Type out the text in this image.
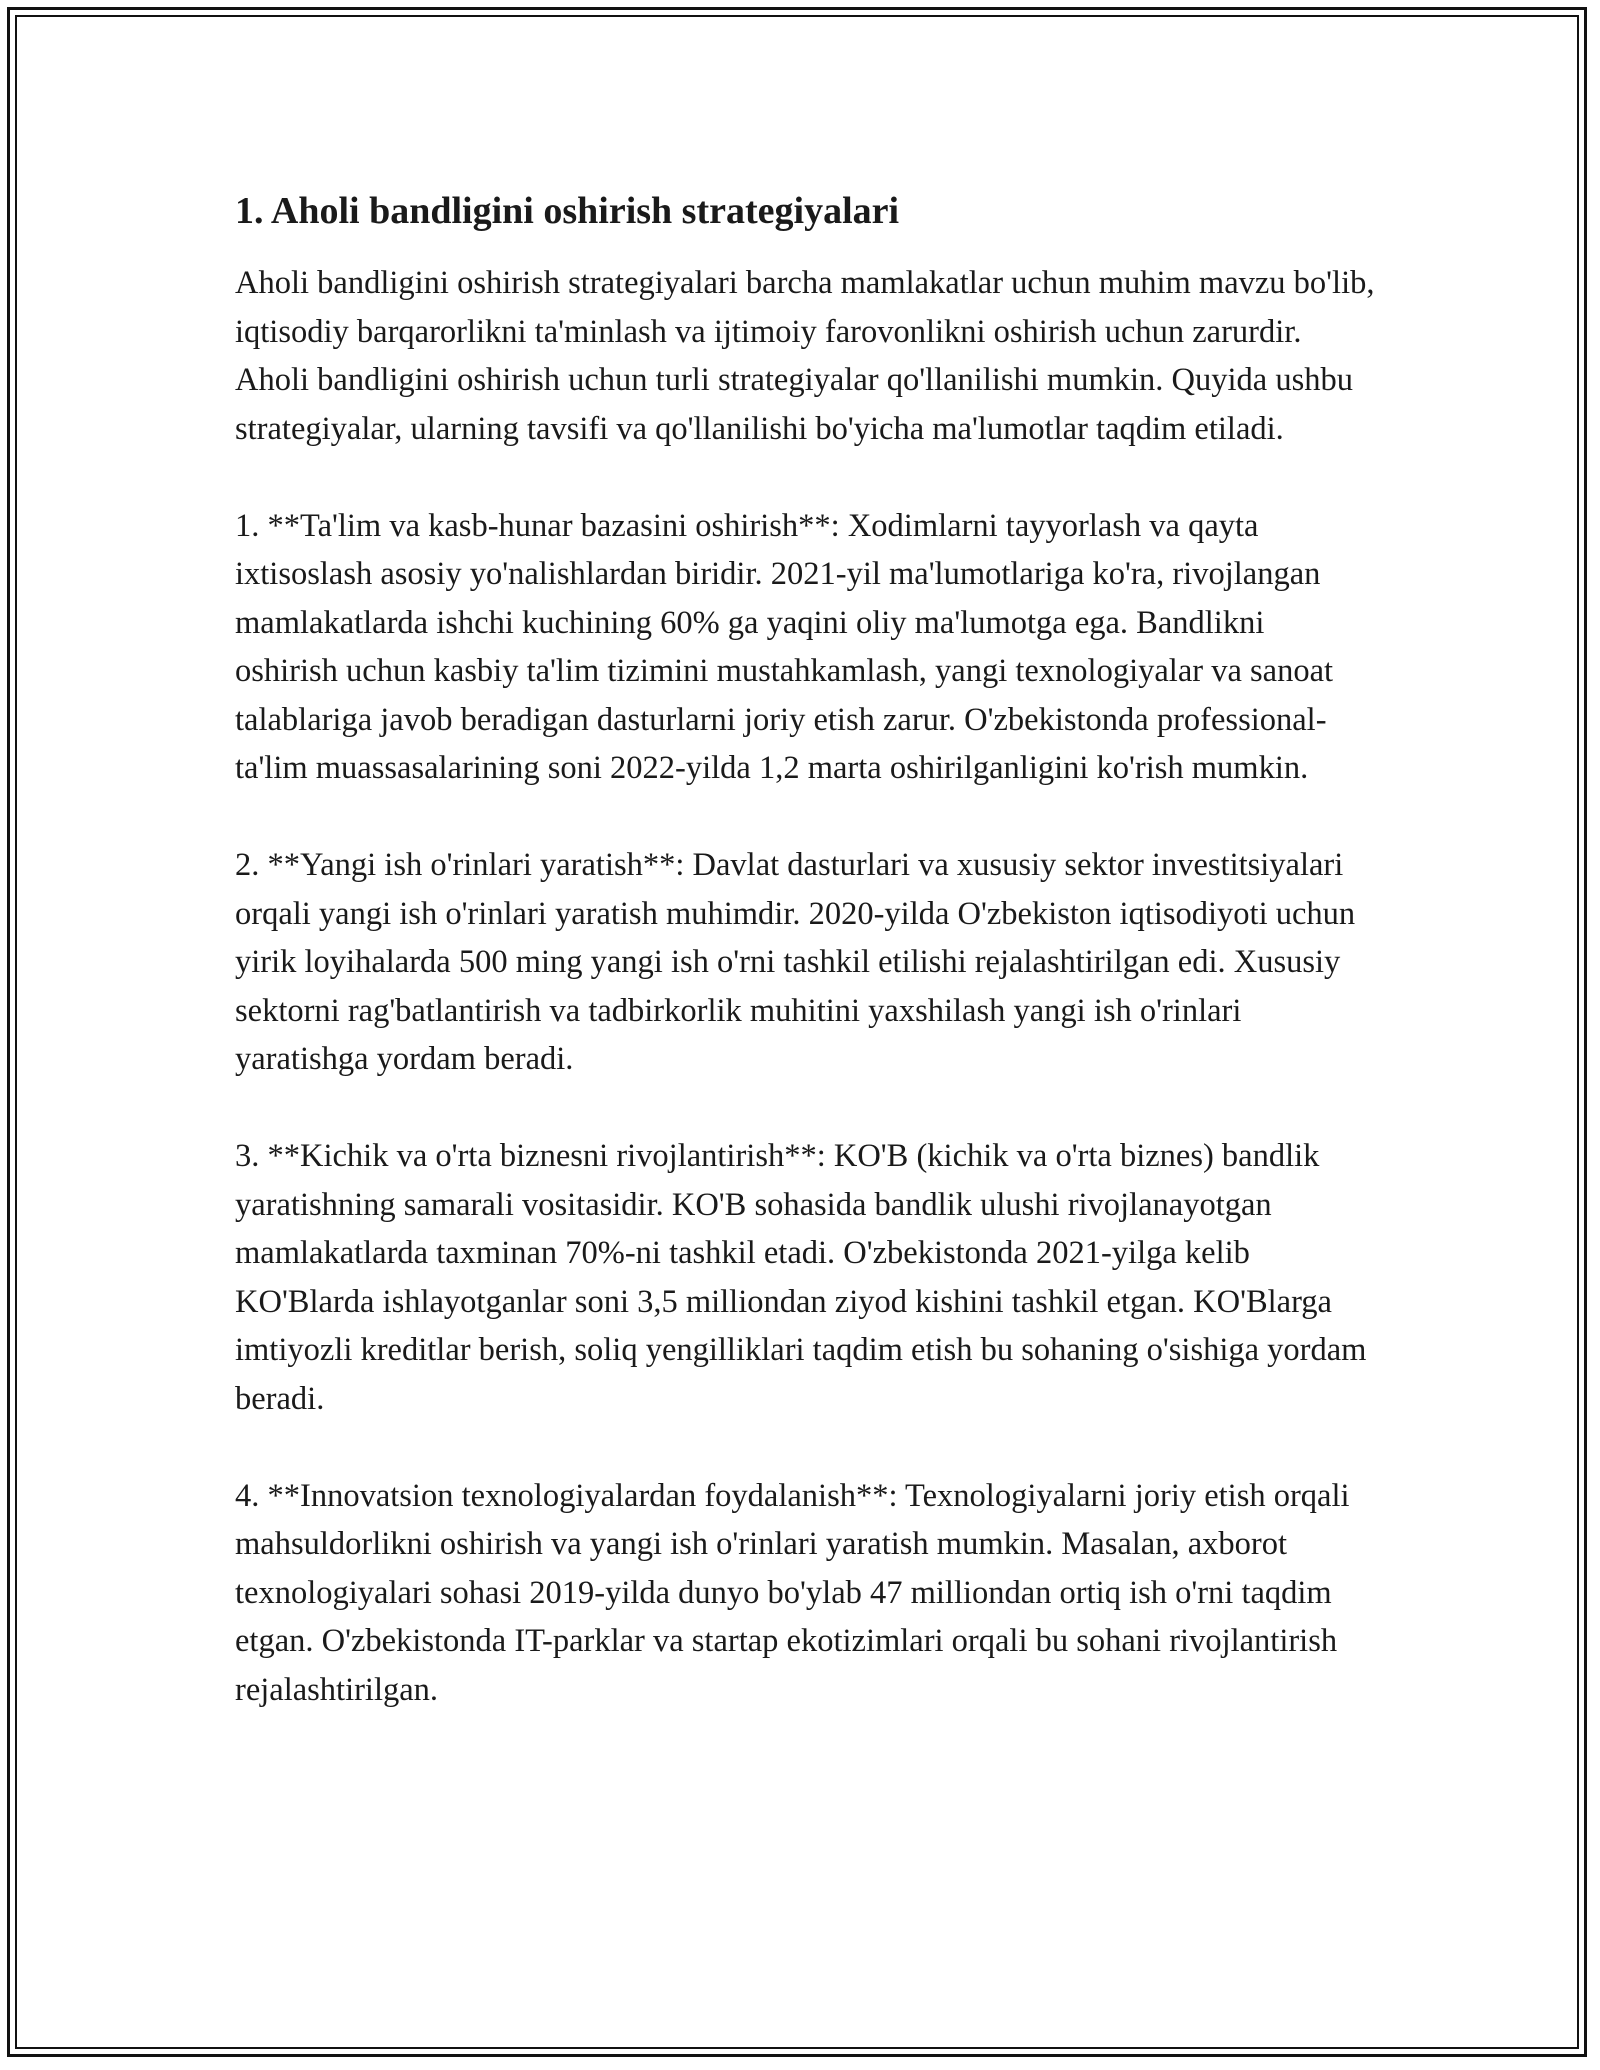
1. Aholi bandligini oshirish strategiyalari

Aholi bandligini oshirish strategiyalari barcha mamlakatlar uchun muhim mavzu bo'lib, iqtisodiy barqarorlikni ta'minlash va ijtimoiy farovonlikni oshirish uchun zarurdir. Aholi bandligini oshirish uchun turli strategiyalar qo'llanilishi mumkin. Quyida ushbu strategiyalar, ularning tavsifi va qo'llanilishi bo'yicha ma'lumotlar taqdim etiladi.

1. **Ta'lim va kasb-hunar bazasini oshirish**: Xodimlarni tayyorlash va qayta ixtisoslash asosiy yo'nalishlardan biridir. 2021-yil ma'lumotlariga ko'ra, rivojlangan mamlakatlarda ishchi kuchining 60% ga yaqini oliy ma'lumotga ega. Bandlikni oshirish uchun kasbiy ta'lim tizimini mustahkamlash, yangi texnologiyalar va sanoat talablariga javob beradigan dasturlarni joriy etish zarur. O'zbekistonda professional-ta'lim muassasalarining soni 2022-yilda 1,2 marta oshirilganligini ko'rish mumkin.

2. **Yangi ish o'rinlari yaratish**: Davlat dasturlari va xususiy sektor investitsiyalari orqali yangi ish o'rinlari yaratish muhimdir. 2020-yilda O'zbekiston iqtisodiyoti uchun yirik loyihalarda 500 ming yangi ish o'rni tashkil etilishi rejalashtirilgan edi. Xususiy sektorni rag'batlantirish va tadbirkorlik muhitini yaxshilash yangi ish o'rinlari yaratishga yordam beradi.

3. **Kichik va o'rta biznesni rivojlantirish**: KO'B (kichik va o'rta biznes) bandlik yaratishning samarali vositasidir. KO'B sohasida bandlik ulushi rivojlanayotgan mamlakatlarda taxminan 70%-ni tashkil etadi. O'zbekistonda 2021-yilga kelib KO'Blarda ishlayotganlar soni 3,5 milliondan ziyod kishini tashkil etgan. KO'Blarga imtiyozli kreditlar berish, soliq yengilliklari taqdim etish bu sohaning o'sishiga yordam beradi.

4. **Innovatsion texnologiyalardan foydalanish**: Texnologiyalarni joriy etish orqali mahsuldorlikni oshirish va yangi ish o'rinlari yaratish mumkin. Masalan, axborot texnologiyalari sohasi 2019-yilda dunyo bo'ylab 47 milliondan ortiq ish o'rni taqdim etgan. O'zbekistonda IT-parklar va startap ekotizimlari orqali bu sohani rivojlantirish rejalashtirilgan.
